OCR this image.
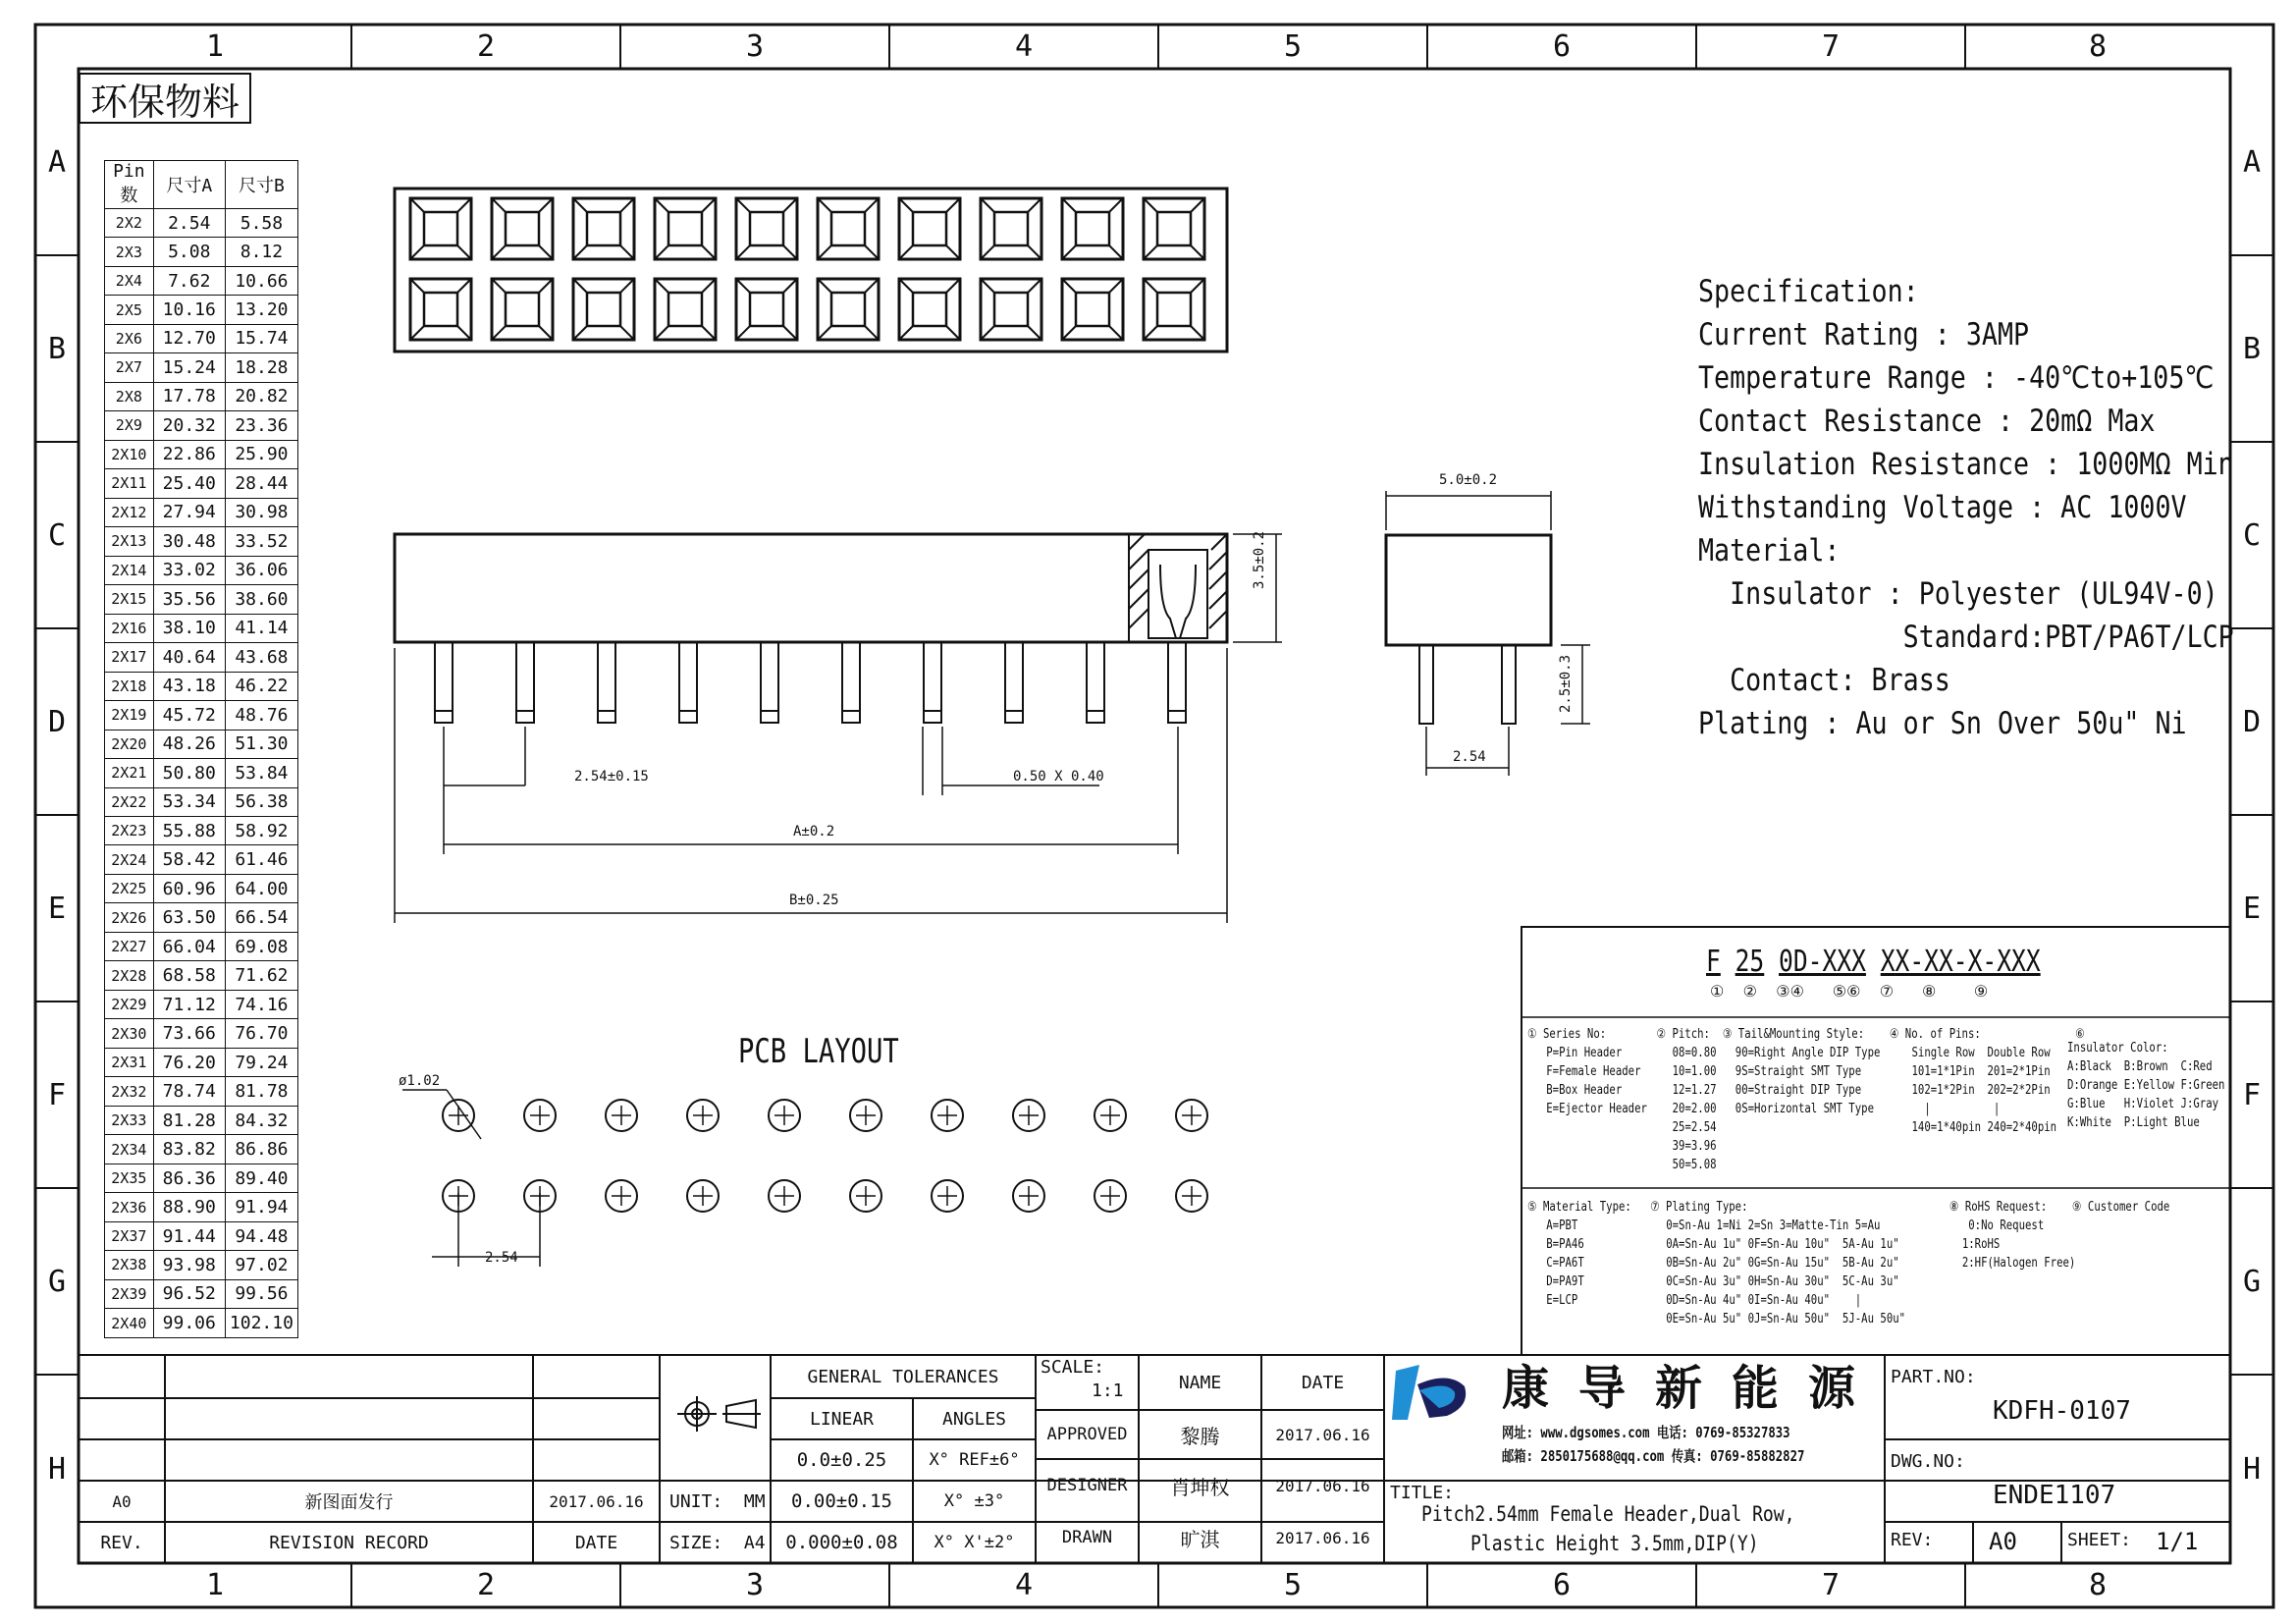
1	2	3	4	5	6	7	8
1	2	3	4	5	6	7	8
A
B
C
D
E
F
G
H
A
B
C
D
E
F
G
H
环保物料
Pin数	尺寸A	尺寸B
2X2	2.54	5.58
2X3	5.08	8.12
2X4	7.62	10.66
2X5	10.16	13.20
2X6	12.70	15.74
2X7	15.24	18.28
2X8	17.78	20.82
2X9	20.32	23.36
2X10	22.86	25.90
2X11	25.40	28.44
2X12	27.94	30.98
2X13	30.48	33.52
2X14	33.02	36.06
2X15	35.56	38.60
2X16	38.10	41.14
2X17	40.64	43.68
2X18	43.18	46.22
2X19	45.72	48.76
2X20	48.26	51.30
2X21	50.80	53.84
2X22	53.34	56.38
2X23	55.88	58.92
2X24	58.42	61.46
2X25	60.96	64.00
2X26	63.50	66.54
2X27	66.04	69.08
2X28	68.58	71.62
2X29	71.12	74.16
2X30	73.66	76.70
2X31	76.20	79.24
2X32	78.74	81.78
2X33	81.28	84.32
2X34	83.82	86.86
2X35	86.36	89.40
2X36	88.90	91.94
2X37	91.44	94.48
2X38	93.98	97.02
2X39	96.52	99.56
2X40	99.06	102.10
2.54±0.15	0.50 X 0.40
A±0.2
B±0.25
3.5±0.2
5.0±0.2
2.5±0.3
2.54
ø1.02
2.54
PCB LAYOUT
Specification:
Current Rating : 3AMP
Temperature Range : -40℃to+105℃
Contact Resistance : 20mΩ Max
Insulation Resistance : 1000MΩ Min
Withstanding Voltage : AC 1000V
Material:
Insulator : Polyester (UL94V-0)
Standard:PBT/PA6T/LCP
Contact: Brass
Plating : Au or Sn Over 50u" Ni
F 25 0D-XXX XX-XX-X-XXX
①  ②  ③④   ⑤⑥  ⑦   ⑧    ⑨
① Series No:        ② Pitch:  ③ Tail&Mounting Style:    ④ No. of Pins:               ⑥
P=Pin Header        08=0.80   90=Right Angle DIP Type     Single Row  Double Row
F=Female Header     10=1.00   9S=Straight SMT Type        101=1*1Pin  201=2*1Pin
B=Box Header        12=1.27   00=Straight DIP Type        102=1*2Pin  202=2*2Pin
E=Ejector Header    20=2.00   0S=Horizontal SMT Type        |          |
25=2.54                               140=1*40pin 240=2*40pin
39=3.96
50=5.08
Insulator Color:
A:Black  B:Brown  C:Red
D:Orange E:Yellow F:Green
G:Blue   H:Violet J:Gray
K:White  P:Light Blue
⑤ Material Type:   ⑦ Plating Type:                                ⑧ RoHS Request:    ⑨ Customer Code
A=PBT              0=Sn-Au 1=Ni 2=Sn 3=Matte-Tin 5=Au              0:No Request
B=PA46             0A=Sn-Au 1u" 0F=Sn-Au 10u"  5A-Au 1u"          1:RoHS
C=PA6T             0B=Sn-Au 2u" 0G=Sn-Au 15u"  5B-Au 2u"          2:HF(Halogen Free)
D=PA9T             0C=Sn-Au 3u" 0H=Sn-Au 30u"  5C-Au 3u"
E=LCP              0D=Sn-Au 4u" 0I=Sn-Au 40u"    |
0E=Sn-Au 5u" 0J=Sn-Au 50u"  5J-Au 50u"
A0	新图面发行	2017.06.16
REV.	REVISION RECORD	DATE
UNIT:
MM
SIZE:
A4
GENERAL TOLERANCES
LINEAR	ANGLES
0.0±0.25	X° REF±6°
0.00±0.15	X° ±3°
0.000±0.08	X° X'±2°
SCALE:
1:1	NAME	DATE
APPROVED	黎腾	2017.06.16
DESIGNER	肖坤权	2017.06.16
DRAWN	旷淇	2017.06.16
康导新能源
网址: www.dgsomes.com 电话: 0769-85327833
邮箱: 2850175688@qq.com 传真: 0769-85882827
TITLE:
Pitch2.54mm Female Header,Dual Row,
Plastic Height 3.5mm,DIP(Y)
PART.NO:
KDFH-0107
DWG.NO:
ENDE1107
REV: A0	SHEET: 1/1
